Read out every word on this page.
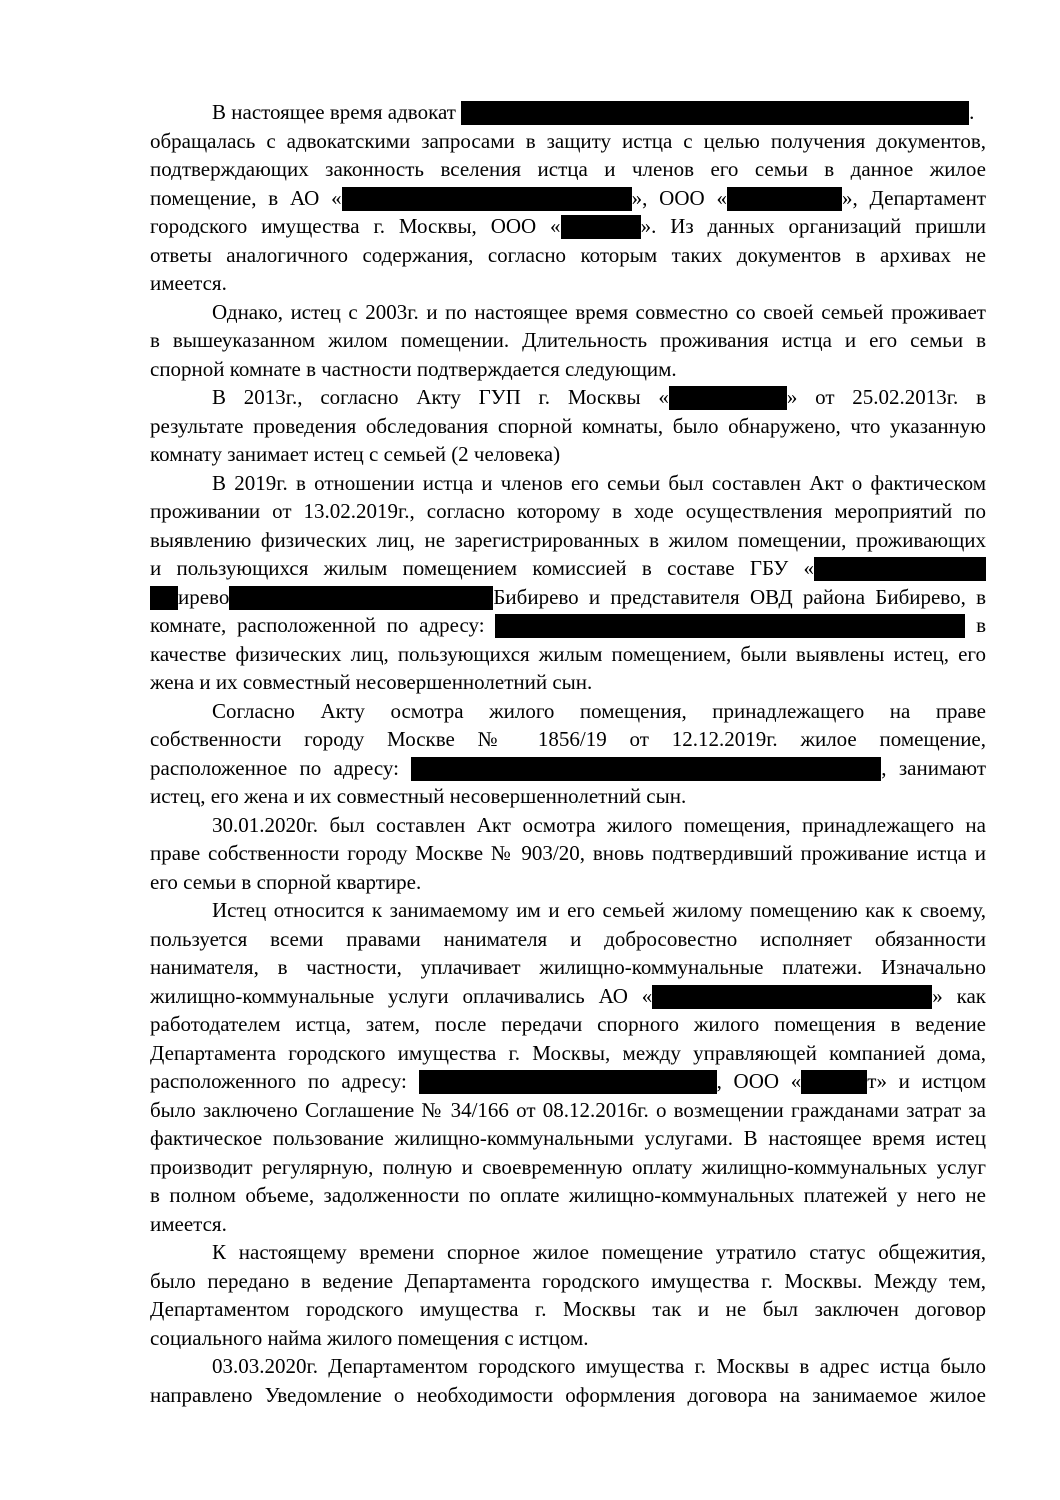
В настоящее время адвокат	.
обращалась с адвокатскими запросами в защиту истца с целью получения документов,
подтверждающих законность вселения истца и членов его семьи в данное жилое
помещение, в АО «	», ООО «	», Департамент
городского имущества г. Москвы, ООО «	». Из данных организаций пришли
ответы аналогичного содержания, согласно которым таких документов в архивах не
имеется.
Однако, истец с 2003г. и по настоящее время совместно со своей семьей проживает
в вышеуказанном жилом помещении. Длительность проживания истца и его семьи в
спорной комнате в частности подтверждается следующим.
В 2013г., согласно Акту ГУП г. Москвы «	» от 25.02.2013г. в
результате проведения обследования спорной комнаты, было обнаружено, что указанную
комнату занимает истец с семьей (2 человека)
В 2019г. в отношении истца и членов его семьи был составлен Акт о фактическом
проживании от 13.02.2019г., согласно которому в ходе осуществления мероприятий по
выявлению физических лиц, не зарегистрированных в жилом помещении, проживающих
и пользующихся жилым помещением комиссией в составе ГБУ «
ирево	Бибирево и представителя ОВД района Бибирево, в
комнате, расположенной по адресу:	в
качестве физических лиц, пользующихся жилым помещением, были выявлены истец, его
жена и их совместный несовершеннолетний сын.
Согласно Акту осмотра жилого помещения, принадлежащего на праве
собственности городу Москве № 1856/19 от 12.12.2019г. жилое помещение,
расположенное по адресу:	, занимают
истец, его жена и их совместный несовершеннолетний сын.
30.01.2020г. был составлен Акт осмотра жилого помещения, принадлежащего на
праве собственности городу Москве № 903/20, вновь подтвердивший проживание истца и
его семьи в спорной квартире.
Истец относится к занимаемому им и его семьей жилому помещению как к своему,
пользуется всеми правами нанимателя и добросовестно исполняет обязанности
нанимателя, в частности, уплачивает жилищно-коммунальные платежи. Изначально
жилищно-коммунальные услуги оплачивались АО «	» как
работодателем истца, затем, после передачи спорного жилого помещения в ведение
Департамента городского имущества г. Москвы, между управляющей компанией дома,
расположенного по адресу:	, ООО «	т» и истцом
было заключено Соглашение № 34/166 от 08.12.2016г. о возмещении гражданами затрат за
фактическое пользование жилищно-коммунальными услугами. В настоящее время истец
производит регулярную, полную и своевременную оплату жилищно-коммунальных услуг
в полном объеме, задолженности по оплате жилищно-коммунальных платежей у него не
имеется.
К настоящему времени спорное жилое помещение утратило статус общежития,
было передано в ведение Департамента городского имущества г. Москвы. Между тем,
Департаментом городского имущества г. Москвы так и не был заключен договор
социального найма жилого помещения с истцом.
03.03.2020г. Департаментом городского имущества г. Москвы в адрес истца было
направлено Уведомление о необходимости оформления договора на занимаемое жилое
